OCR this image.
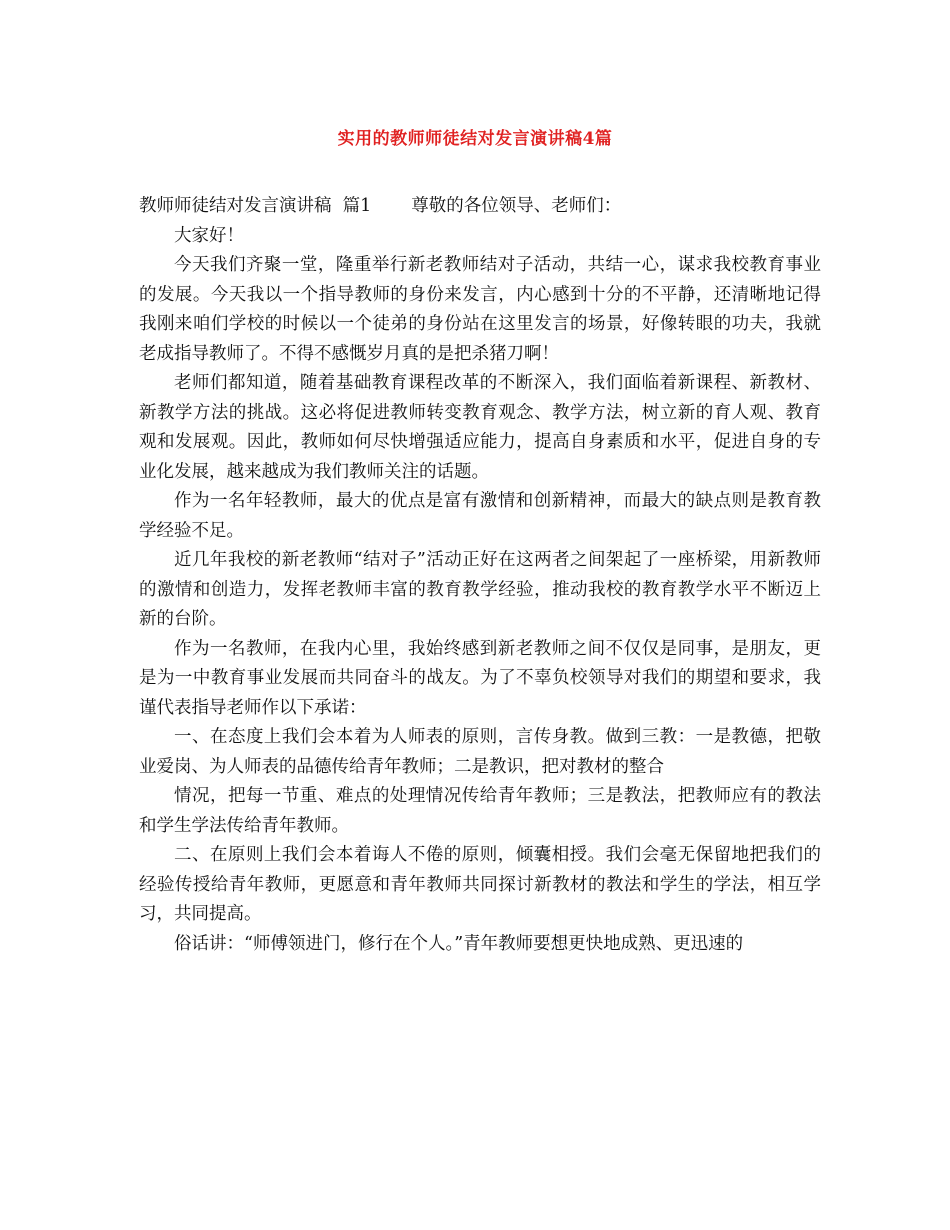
实用的教师师徒结对发言演讲稿4篇

教师师徒结对发言演讲稿  篇1 尊敬的各位领导、老师们：

大家好！

今天我们齐聚一堂，隆重举行新老教师结对子活动，共结一心，谋求我校教育事业的发展。今天我以一个指导教师的身份来发言，内心感到十分的不平静，还清晰地记得我刚来咱们学校的时候以一个徒弟的身份站在这里发言的场景，好像转眼的功夫，我就老成指导教师了。不得不感慨岁月真的是把杀猪刀啊！

老师们都知道，随着基础教育课程改革的不断深入，我们面临着新课程、新教材、新教学方法的挑战。这必将促进教师转变教育观念、教学方法，树立新的育人观、教育观和发展观。因此，教师如何尽快增强适应能力，提高自身素质和水平，促进自身的专业化发展，越来越成为我们教师关注的话题。

作为一名年轻教师，最大的优点是富有激情和创新精神，而最大的缺点则是教育教学经验不足。

近几年我校的新老教师“结对子”活动正好在这两者之间架起了一座桥梁，用新教师的激情和创造力，发挥老教师丰富的教育教学经验，推动我校的教育教学水平不断迈上新的台阶。

作为一名教师，在我内心里，我始终感到新老教师之间不仅仅是同事，是朋友，更是为一中教育事业发展而共同奋斗的战友。为了不辜负校领导对我们的期望和要求，我谨代表指导老师作以下承诺：

一、在态度上我们会本着为人师表的原则，言传身教。做到三教：一是教德，把敬业爱岗、为人师表的品德传给青年教师；二是教识，把对教材的整合

情况，把每一节重、难点的处理情况传给青年教师；三是教法，把教师应有的教法和学生学法传给青年教师。

二、在原则上我们会本着诲人不倦的原则，倾囊相授。我们会毫无保留地把我们的经验传授给青年教师，更愿意和青年教师共同探讨新教材的教法和学生的学法，相互学习，共同提高。

俗话讲：“师傅领进门，修行在个人。”青年教师要想更快地成熟、更迅速的
